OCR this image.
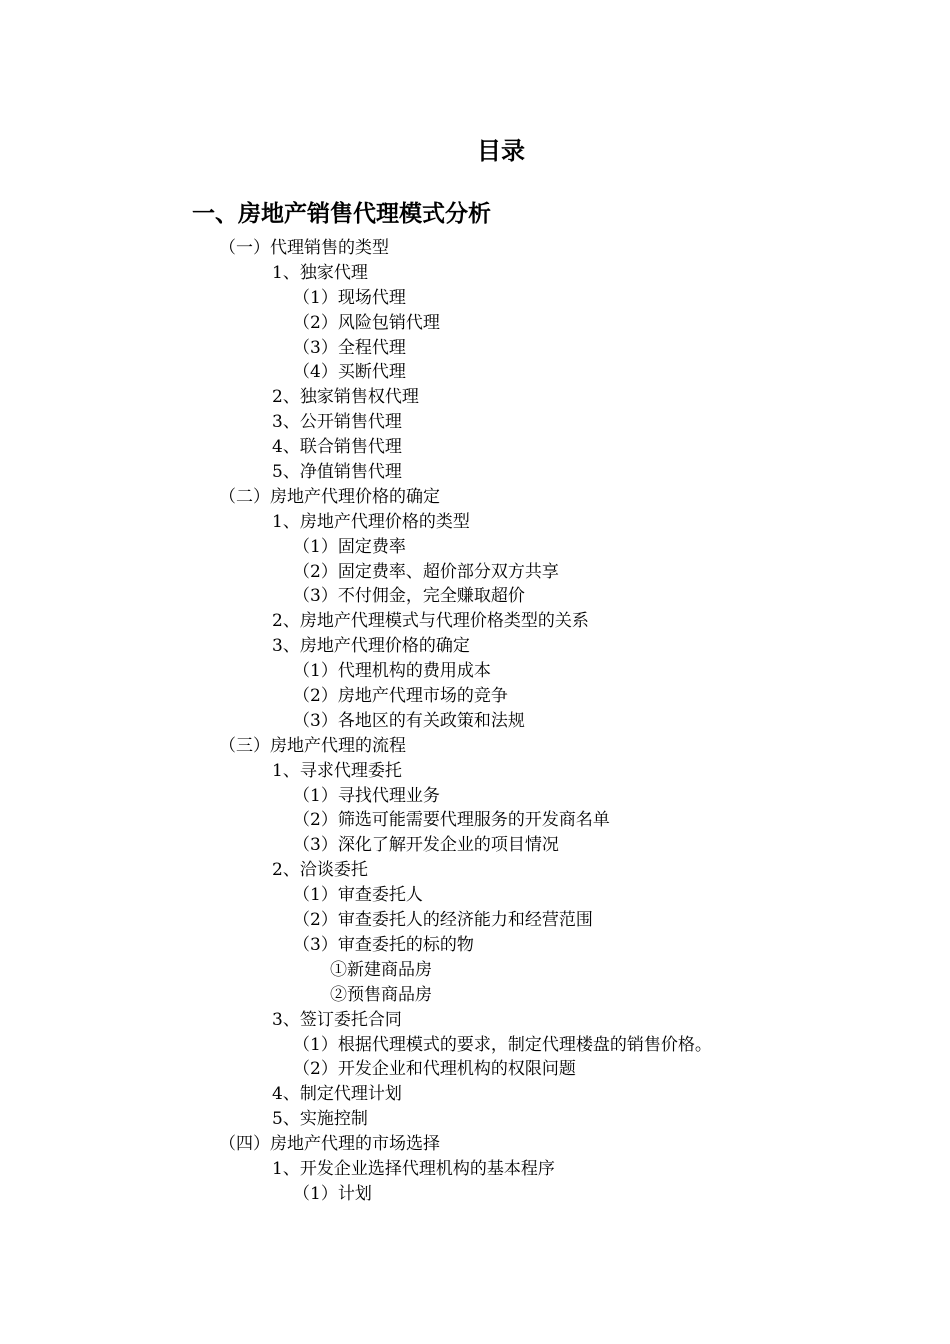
目录
一、房地产销售代理模式分析
（一）代理销售的类型
1、独家代理
（1）现场代理
（2）风险包销代理
（3）全程代理
（4）买断代理
2、独家销售权代理
3、公开销售代理
4、联合销售代理
5、净值销售代理
（二）房地产代理价格的确定
1、房地产代理价格的类型
（1）固定费率
（2）固定费率、超价部分双方共享
（3）不付佣金，完全赚取超价
2、房地产代理模式与代理价格类型的关系
3、房地产代理价格的确定
（1）代理机构的费用成本
（2）房地产代理市场的竞争
（3）各地区的有关政策和法规
（三）房地产代理的流程
1、寻求代理委托
（1）寻找代理业务
（2）筛选可能需要代理服务的开发商名单
（3）深化了解开发企业的项目情况
2、洽谈委托
（1）审查委托人
（2）审查委托人的经济能力和经营范围
（3）审查委托的标的物
①新建商品房
②预售商品房
3、签订委托合同
（1）根据代理模式的要求，制定代理楼盘的销售价格。
（2）开发企业和代理机构的权限问题
4、制定代理计划
5、实施控制
（四）房地产代理的市场选择
1、开发企业选择代理机构的基本程序
（1）计划
